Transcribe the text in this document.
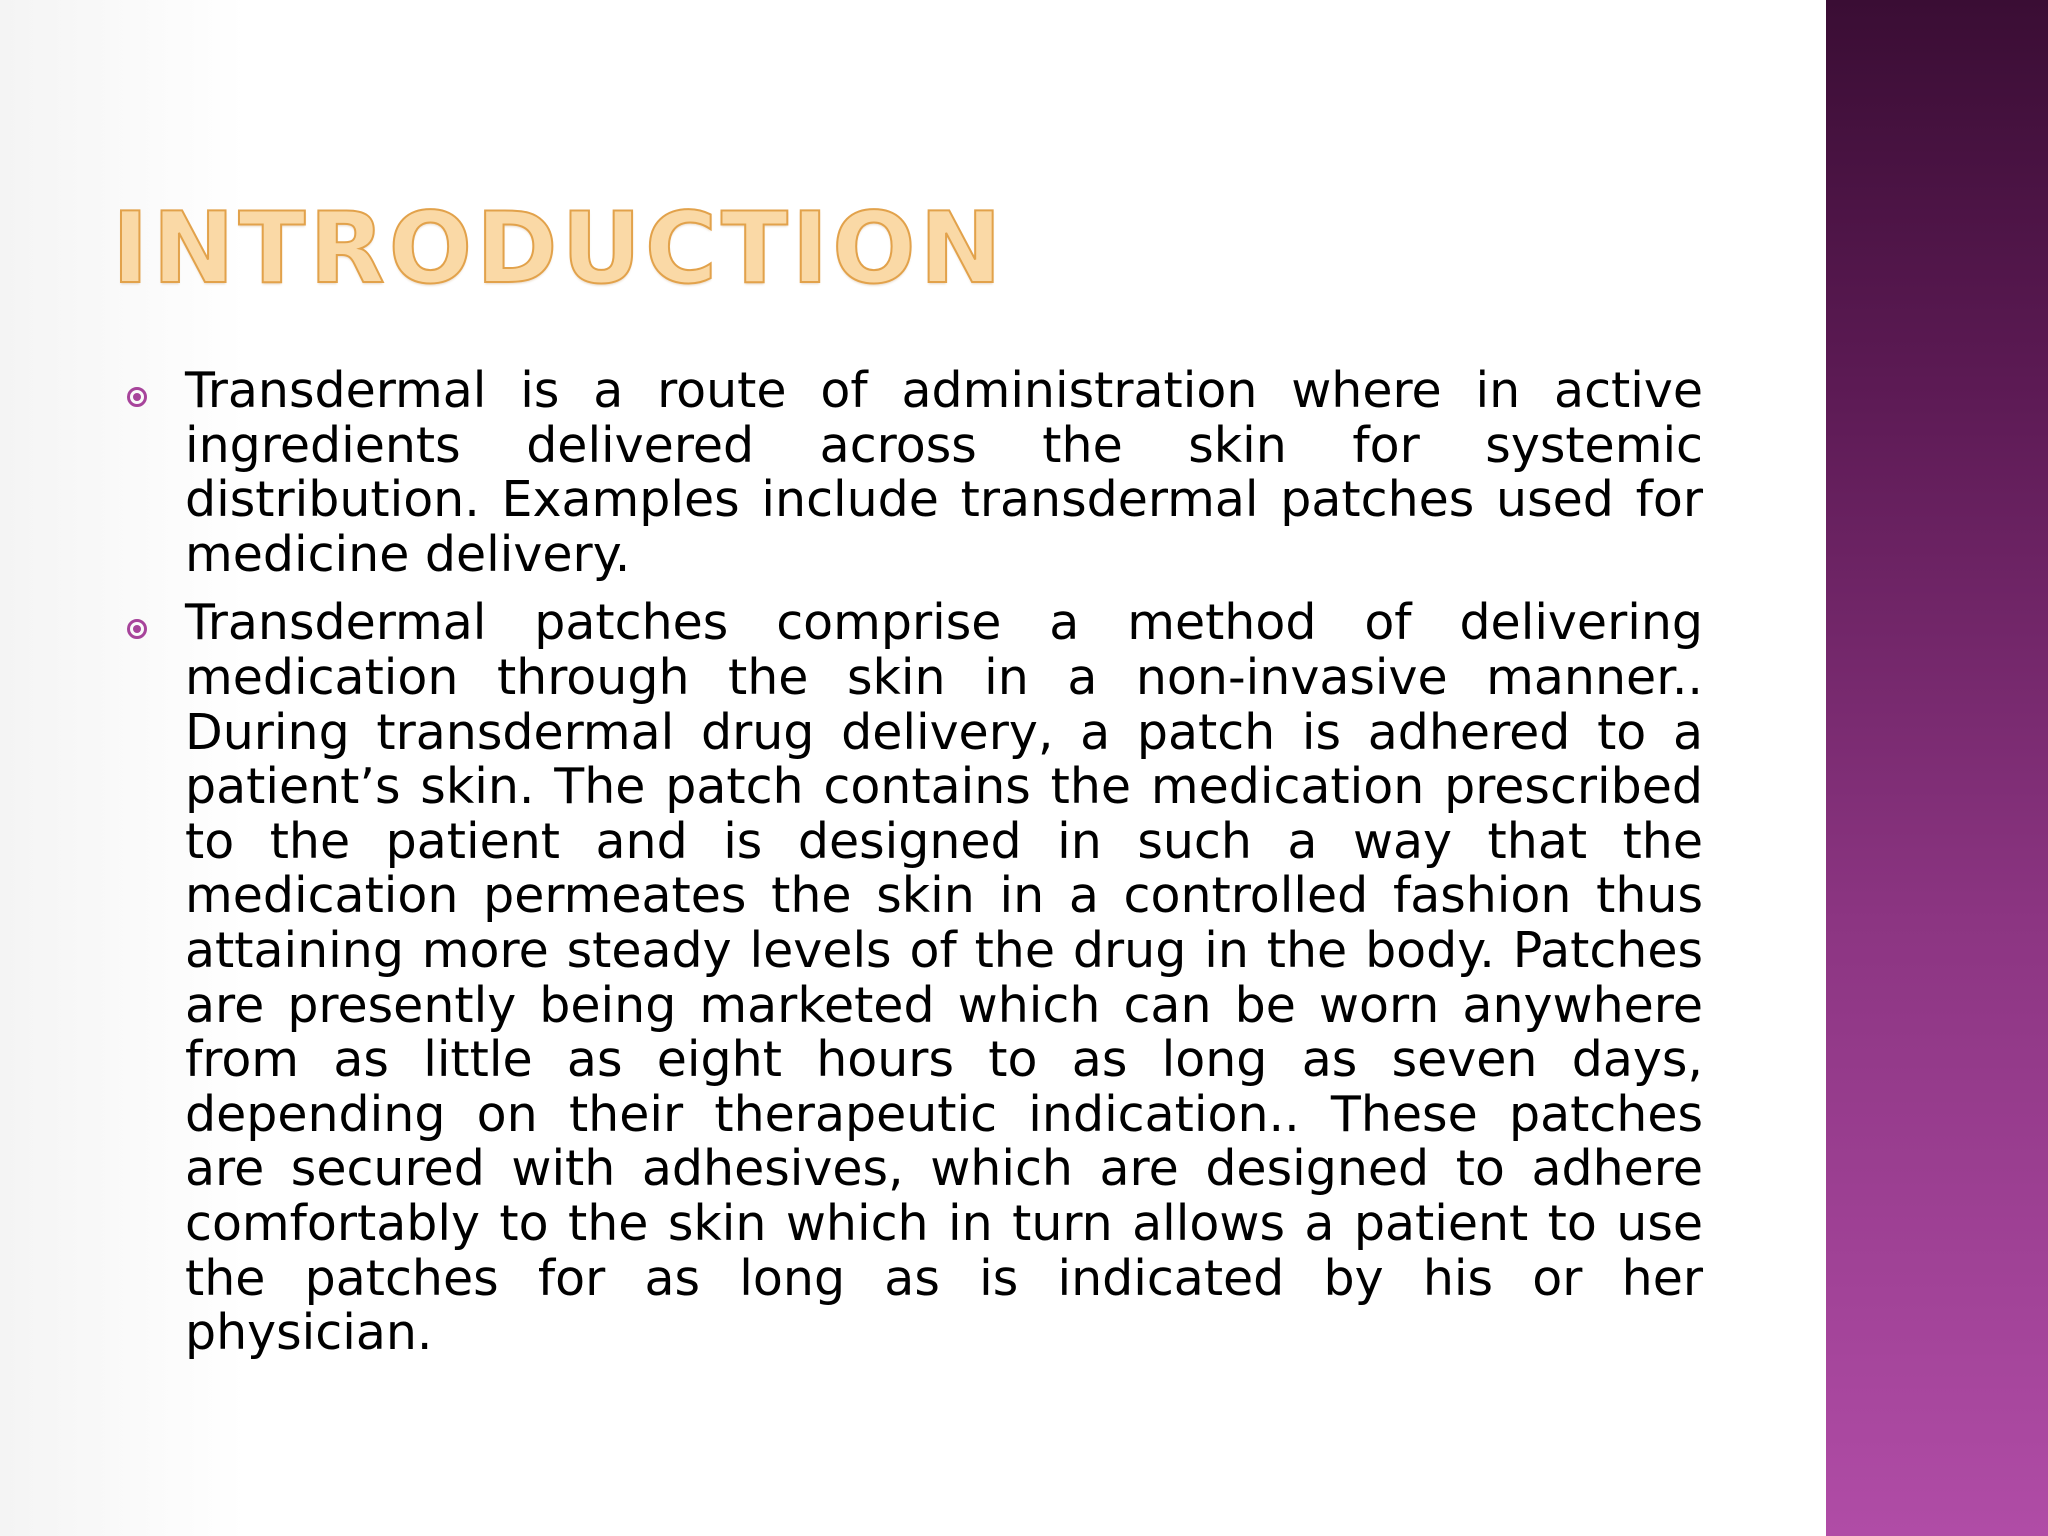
INTRODUCTION
Transdermal is a route of administration where in active ingredients delivered across the skin for systemic distribution. Examples include transdermal patches used for medicine delivery.
Transdermal patches comprise a method of delivering medication through the skin in a non-invasive manner.. During transdermal drug delivery, a patch is adhered to a patient’s skin. The patch contains the medication prescribed to the patient and is designed in such a way that the medication permeates the skin in a controlled fashion thus attaining more steady levels of the drug in the body. Patches are presently being marketed which can be worn anywhere from as little as eight hours to as long as seven days, depending on their therapeutic indication.. These patches are secured with adhesives, which are designed to adhere comfortably to the skin which in turn allows a patient to use the patches for as long as is indicated by his or her physician.
